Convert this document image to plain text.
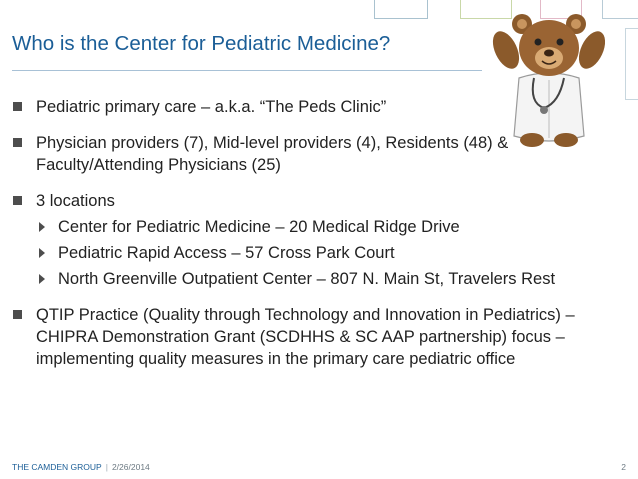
Who is the Center for Pediatric Medicine?
Pediatric primary care – a.k.a. “The Peds Clinic”
Physician providers (7), Mid-level providers (4), Residents (48) & Faculty/Attending Physicians (25)
3 locations
Center for Pediatric Medicine – 20 Medical Ridge Drive
Pediatric Rapid Access – 57 Cross Park Court
North Greenville Outpatient Center – 807 N. Main St, Travelers Rest
QTIP Practice (Quality through Technology and Innovation in Pediatrics) – CHIPRA Demonstration Grant (SCDHHS & SC AAP partnership) focus – implementing quality measures in the primary care pediatric office
THE CAMDEN GROUP | 2/26/2014	2
